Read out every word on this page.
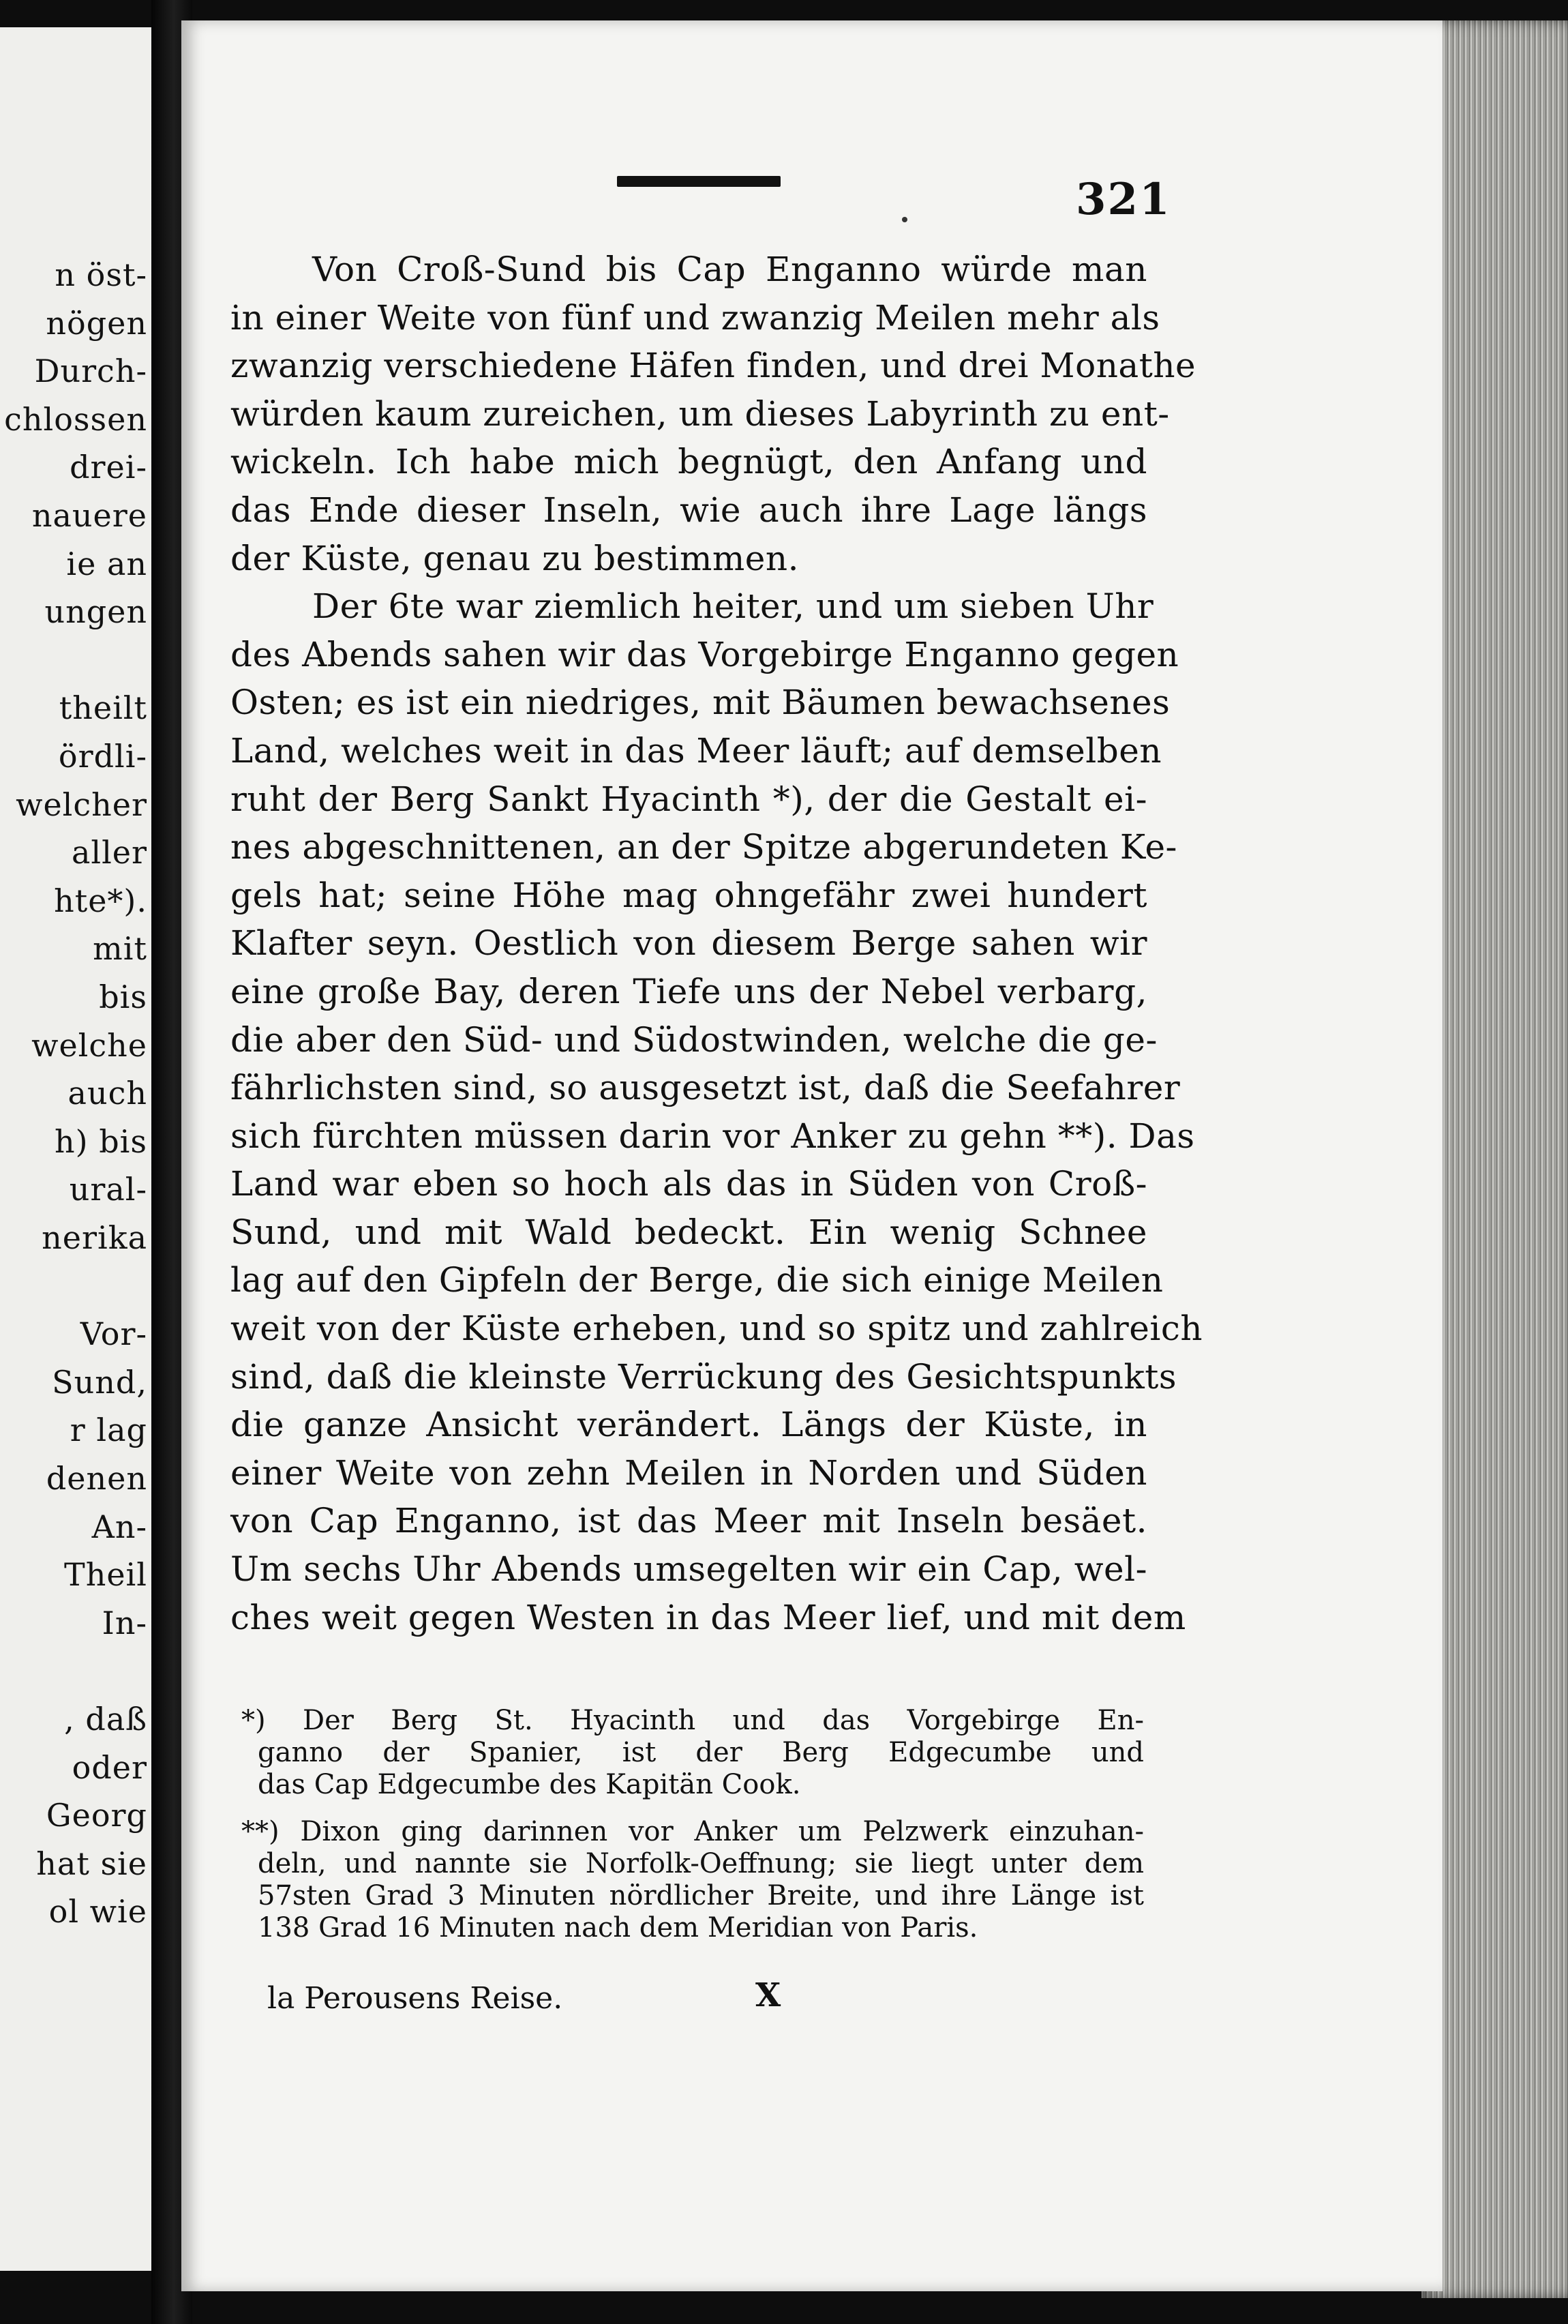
n öst-
nögen
Durch-
chlossen
drei-
nauere
ie an
ungen
theilt
ördli-
welcher
aller
hte*).
mit
bis
welche
auch
h) bis
ural-
nerika
Vor-
Sund,
r lag
denen
An-
Theil
In-
, daß
oder
Georg
hat sie
ol wie
321
Von Croß-Sund bis Cap Enganno würde man
in einer Weite von fünf und zwanzig Meilen mehr als
zwanzig verschiedene Häfen finden, und drei Monathe
würden kaum zureichen, um dieses Labyrinth zu ent-
wickeln. Ich habe mich begnügt, den Anfang und
das Ende dieser Inseln, wie auch ihre Lage längs
der Küste, genau zu bestimmen.
Der 6te war ziemlich heiter, und um sieben Uhr
des Abends sahen wir das Vorgebirge Enganno gegen
Osten; es ist ein niedriges, mit Bäumen bewachsenes
Land, welches weit in das Meer läuft; auf demselben
ruht der Berg Sankt Hyacinth *), der die Gestalt ei-
nes abgeschnittenen, an der Spitze abgerundeten Ke-
gels hat; seine Höhe mag ohngefähr zwei hundert
Klafter seyn. Oestlich von diesem Berge sahen wir
eine große Bay, deren Tiefe uns der Nebel verbarg,
die aber den Süd- und Südostwinden, welche die ge-
fährlichsten sind, so ausgesetzt ist, daß die Seefahrer
sich fürchten müssen darin vor Anker zu gehn **). Das
Land war eben so hoch als das in Süden von Croß-
Sund, und mit Wald bedeckt. Ein wenig Schnee
lag auf den Gipfeln der Berge, die sich einige Meilen
weit von der Küste erheben, und so spitz und zahlreich
sind, daß die kleinste Verrückung des Gesichtspunkts
die ganze Ansicht verändert. Längs der Küste, in
einer Weite von zehn Meilen in Norden und Süden
von Cap Enganno, ist das Meer mit Inseln besäet.
Um sechs Uhr Abends umsegelten wir ein Cap, wel-
ches weit gegen Westen in das Meer lief, und mit dem
*) Der Berg St. Hyacinth und das Vorgebirge En-
ganno der Spanier, ist der Berg Edgecumbe und
das Cap Edgecumbe des Kapitän Cook.
**) Dixon ging darinnen vor Anker um Pelzwerk einzuhan-
deln, und nannte sie Norfolk-Oeffnung; sie liegt unter dem
57sten Grad 3 Minuten nördlicher Breite, und ihre Länge ist
138 Grad 16 Minuten nach dem Meridian von Paris.
la Perousens Reise.	X
